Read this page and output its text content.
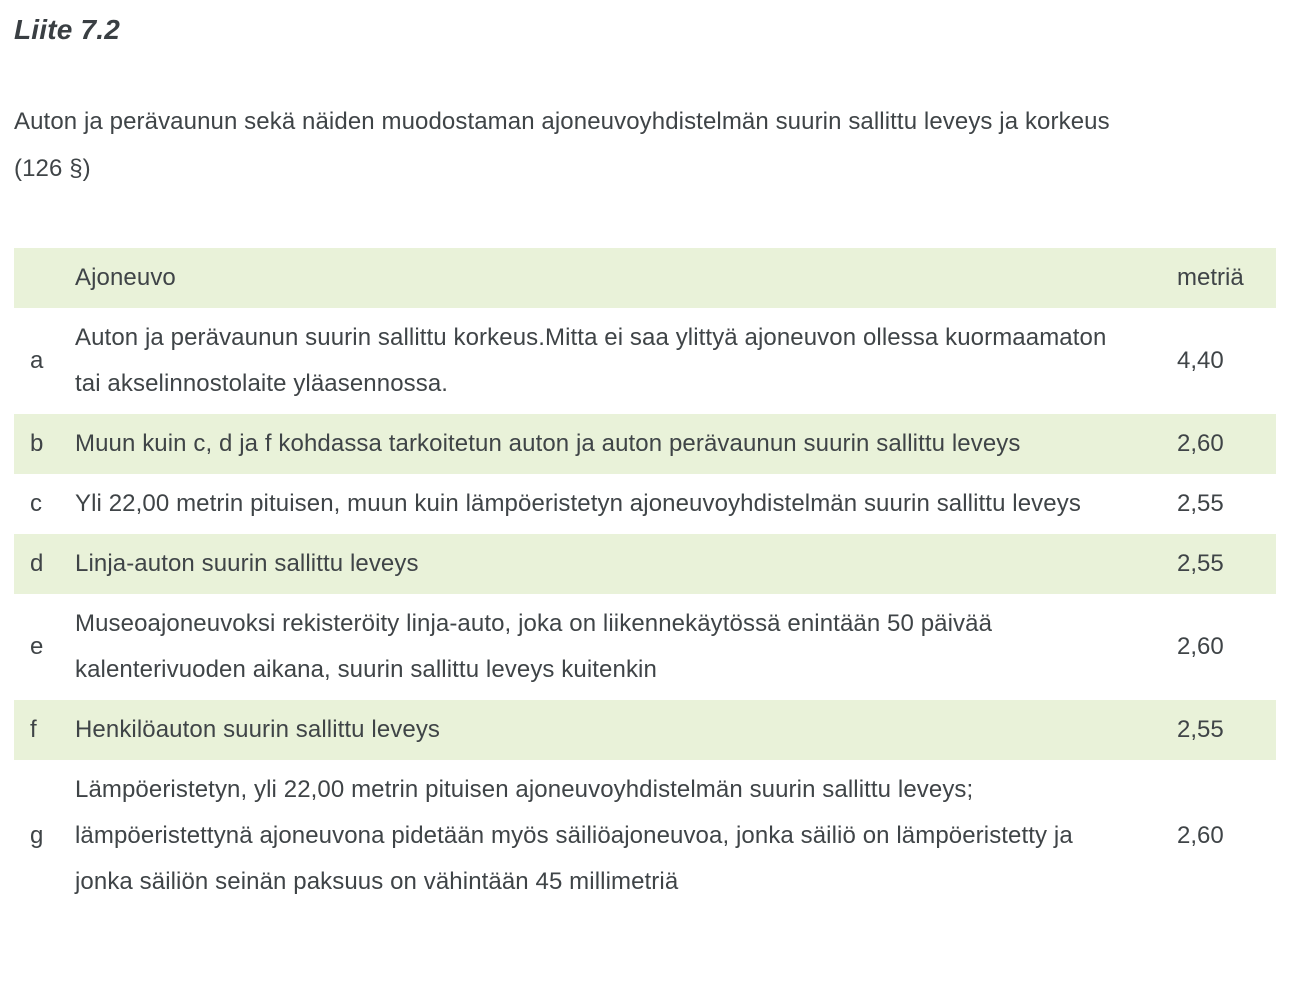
Liite 7.2

Auton ja perävaunun sekä näiden muodostaman ajoneuvoyhdistelmän suurin sallittu leveys ja korkeus (126 §)

	Ajoneuvo	metriä
a	Auton ja perävaunun suurin sallittu korkeus.Mitta ei saa ylittyä ajoneuvon ollessa kuormaamaton tai akselinnostolaite yläasennossa.	4,40
b	Muun kuin c, d ja f kohdassa tarkoitetun auton ja auton perävaunun suurin sallittu leveys	2,60
c	Yli 22,00 metrin pituisen, muun kuin lämpöeristetyn ajoneuvoyhdistelmän suurin sallittu leveys	2,55
d	Linja-auton suurin sallittu leveys	2,55
e	Museoajoneuvoksi rekisteröity linja-auto, joka on liikennekäytössä enintään 50 päivää kalenterivuoden aikana, suurin sallittu leveys kuitenkin	2,60
f	Henkilöauton suurin sallittu leveys	2,55
g	Lämpöeristetyn, yli 22,00 metrin pituisen ajoneuvoyhdistelmän suurin sallittu leveys; lämpöeristettynä ajoneuvona pidetään myös säiliöajoneuvoa, jonka säiliö on lämpöeristetty ja jonka säiliön seinän paksuus on vähintään 45 millimetriä	2,60
